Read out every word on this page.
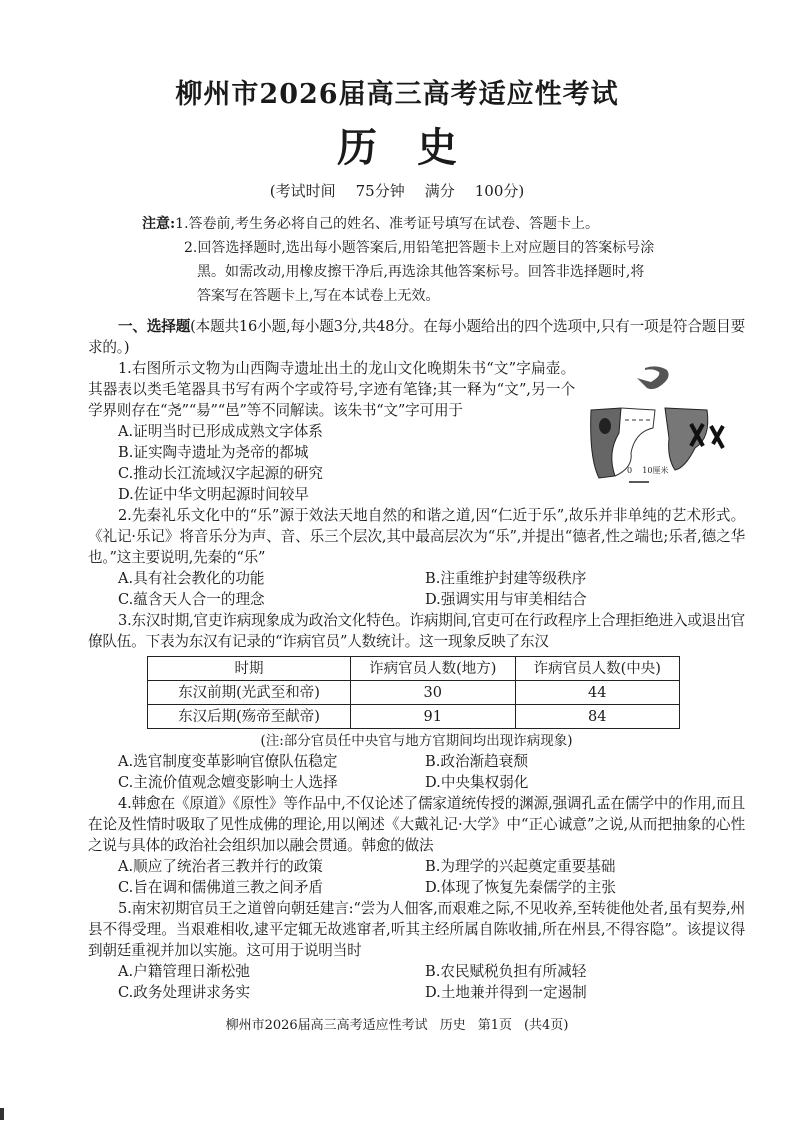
柳州市2026届高三高考适应性考试
历史
(考试时间 75分钟 满分 100分)
注意: 1.答卷前,考生务必将自己的姓名、准考证号填写在试卷、答题卡上。
2.回答选择题时,选出每小题答案后,用铅笔把答题卡上对应题目的答案标号涂
黑。如需改动,用橡皮擦干净后,再选涂其他答案标号。回答非选择题时,将
答案写在答题卡上,写在本试卷上无效。
一、选择题(本题共16小题,每小题3分,共48分。在每小题给出的四个选项中,只有一项是符合题目要求的。)
0    10厘米
1.右图所示文物为山西陶寺遗址出土的龙山文化晚期朱书“文”字扁壶。其器表以类毛笔器具书写有两个字或符号,字迹有笔锋;其一释为“文”,另一个学界则存在“尧”“昜”“邑”等不同解读。该朱书“文”字可用于
A.证明当时已形成成熟文字体系
B.证实陶寺遗址为尧帝的都城
C.推动长江流域汉字起源的研究
D.佐证中华文明起源时间较早
2.先秦礼乐文化中的“乐”源于效法天地自然的和谐之道,因“仁近于乐”,故乐并非单纯的艺术形式。《礼记·乐记》将音乐分为声、音、乐三个层次,其中最高层次为“乐”,并提出“德者,性之端也;乐者,德之华也。”这主要说明,先秦的“乐”
A.具有社会教化的功能	B.注重维护封建等级秩序
C.蕴含天人合一的理念	D.强调实用与审美相结合
3.东汉时期,官吏诈病现象成为政治文化特色。诈病期间,官吏可在行政程序上合理拒绝进入或退出官僚队伍。下表为东汉有记录的“诈病官员”人数统计。这一现象反映了东汉
时期	诈病官员人数(地方)	诈病官员人数(中央)
东汉前期(光武至和帝)	30	44
东汉后期(殇帝至献帝)	91	84
(注:部分官员任中央官与地方官期间均出现诈病现象)
A.选官制度变革影响官僚队伍稳定	B.政治渐趋衰颓
C.主流价值观念嬗变影响士人选择	D.中央集权弱化
4.韩愈在《原道》《原性》等作品中,不仅论述了儒家道统传授的渊源,强调孔孟在儒学中的作用,而且在论及性情时吸取了见性成佛的理论,用以阐述《大戴礼记·大学》中“正心诚意”之说,从而把抽象的心性之说与具体的政治社会组织加以融会贯通。韩愈的做法
A.顺应了统治者三教并行的政策	B.为理学的兴起奠定重要基础
C.旨在调和儒佛道三教之间矛盾	D.体现了恢复先秦儒学的主张
5.南宋初期官员王之道曾向朝廷建言:“尝为人佃客,而艰难之际,不见收养,至转徙他处者,虽有契券,州县不得受理。当艰难相收,逮平定辄无故逃窜者,听其主经所属自陈收捕,所在州县,不得容隐”。该提议得到朝廷重视并加以实施。这可用于说明当时
A.户籍管理日渐松弛	B.农民赋税负担有所减轻
C.政务处理讲求务实	D.土地兼并得到一定遏制
柳州市2026届高三高考适应性考试 历史 第1页 (共4页)
